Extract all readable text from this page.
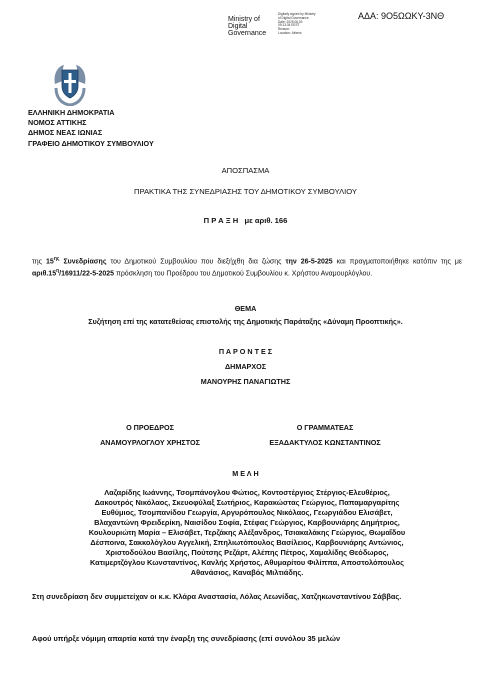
Ministry of
Digital
Governance
Digitally signed by Ministry
of Digital Governance
Date: 2025.06.03
09:13:34 EEST
Reason:
Location: Athens
ΑΔΑ: 9Ο5ΩΩΚΥ-3ΝΘ
ΕΛΛΗΝΙΚΗ ΔΗΜΟΚΡΑΤΙΑ
ΝΟΜΟΣ ΑΤΤΙΚΗΣ
ΔΗΜΟΣ ΝΕΑΣ ΙΩΝΙΑΣ
ΓΡΑΦΕΙΟ ΔΗΜΟΤΙΚΟΥ ΣΥΜΒΟΥΛΙΟΥ
ΑΠΟΣΠΑΣΜΑ
ΠΡΑΚΤΙΚΑ ΤΗΣ ΣΥΝΕΔΡΙΑΣΗΣ ΤΟΥ ΔΗΜΟΤΙΚΟΥ ΣΥΜΒΟΥΛΙΟΥ
Π Ρ Α Ξ Η   με αριθ. 166
της $15^{\eta\varsigma}$ Συνεδρίασης του Δημοτικού Συμβουλίου που διεξήχθη δια ζώσης την 26-5-2025 και πραγματοποιήθηκε κατόπιν της με $\alpha\rho\iota\theta.15^\eta/16911/22-5-2025$ πρόσκληση του Προέδρου του Δημοτικού Συμβουλίου κ. Χρήστου Αναμουρλόγλου.
ΘΕΜΑ
Συζήτηση επί της κατατεθείσας επιστολής της Δημοτικής Παράταξης «Δύναμη Προοπτικής».
Π Α Ρ Ο Ν Τ Ε Σ
ΔΗΜΑΡΧΟΣ
ΜΑΝΟΥΡΗΣ ΠΑΝΑΓΙΩΤΗΣ
Ο ΠΡΟΕΔΡΟΣ
ΑΝΑΜΟΥΡΛΟΓΛΟΥ ΧΡΗΣΤΟΣ
Ο ΓΡΑΜΜΑΤΕΑΣ
ΕΞΑΔΑΚΤΥΛΟΣ ΚΩΝΣΤΑΝΤΙΝΟΣ
Μ Ε Λ Η
Λαζαρίδης Ιωάννης, Τσομπάνογλου Φώτιος, Κοντοστέργιος Στέργιος-Ελευθέριος,
Δακουτρός Νικόλαος, Σκευοφύλαξ Σωτήριος, Καρακώστας Γεώργιος, Παπαμαργαρίτης
Ευθύμιος, Τσομπανίδου Γεωργία, Αργυρόπουλος Νικόλαος, Γεωργιάδου Ελισάβετ,
Βλαχαντώνη Φρειδερίκη, Ναισίδου Σοφία, Στέφας Γεώργιος, Καρβουνιάρης Δημήτριος,
Κουλουριώτη Μαρία – Ελισάβετ, Τερζάκης Αλέξανδρος, Τσιακαλάκης Γεώργιος, Θωμαΐδου
Δέσποινα, Σακκολόγλου Αγγελική, Σπηλιωτόπουλος Βασίλειος, Καρβουνιάρης Αντώνιος,
Χριστοδούλου Βασίλης, Πούτσης Ρεζάρτ, Αλέπης Πέτρος, Χαμαλίδης Θεόδωρος,
Κατιμερτζόγλου Κωνσταντίνος, Κανλής Χρήστος, Αθυμαρίτου Φιλίππα, Αποστολόπουλος
Αθανάσιος, Καναβός Μιλτιάδης.
Στη συνεδρίαση δεν συμμετείχαν οι κ.κ. Κλάρα Αναστασία, Λόλας Λεωνίδας, Χατζηκωνσταντίνου Σάββας.
Αφού υπήρξε νόμιμη απαρτία κατά την έναρξη της συνεδρίασης (επί συνόλου 35 μελών
